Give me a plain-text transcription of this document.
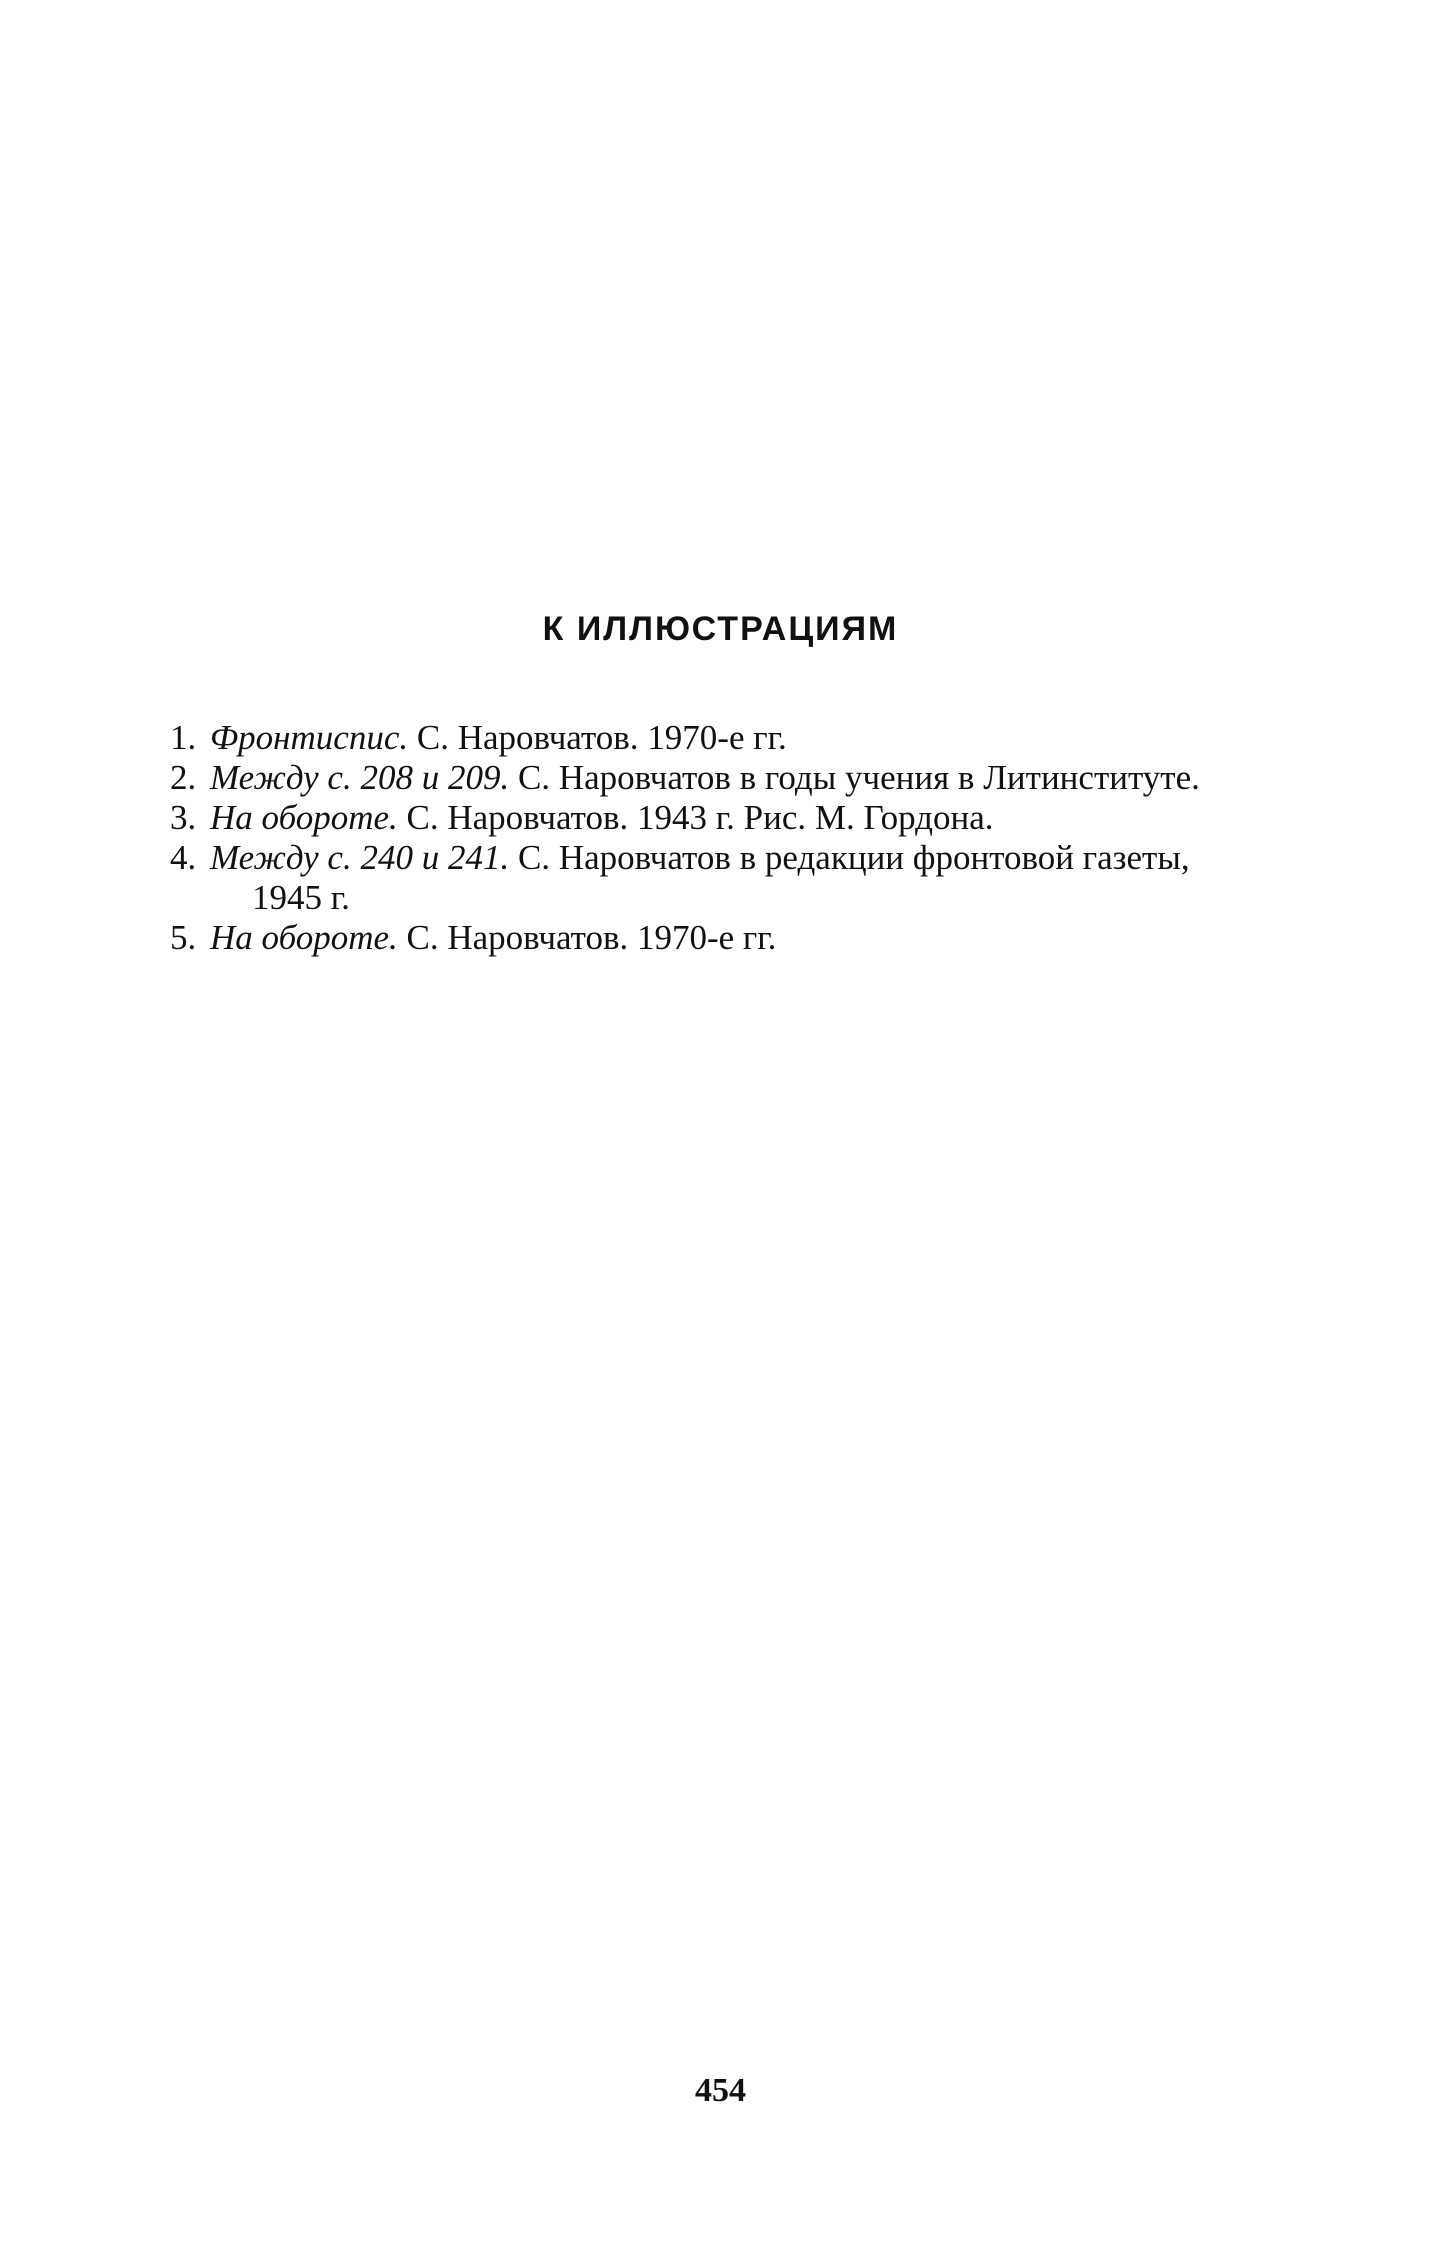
К ИЛЛЮСТРАЦИЯМ
1. Фронтиспис. С. Наровчатов. 1970-е гг.
2. Между с. 208 и 209. С. Наровчатов в годы учения в Литинституте.
3. На обороте. С. Наровчатов. 1943 г. Рис. М. Гордона.
4. Между с. 240 и 241. С. Наровчатов в редакции фронтовой газеты,
1945 г.
5. На обороте. С. Наровчатов. 1970-е гг.
454
